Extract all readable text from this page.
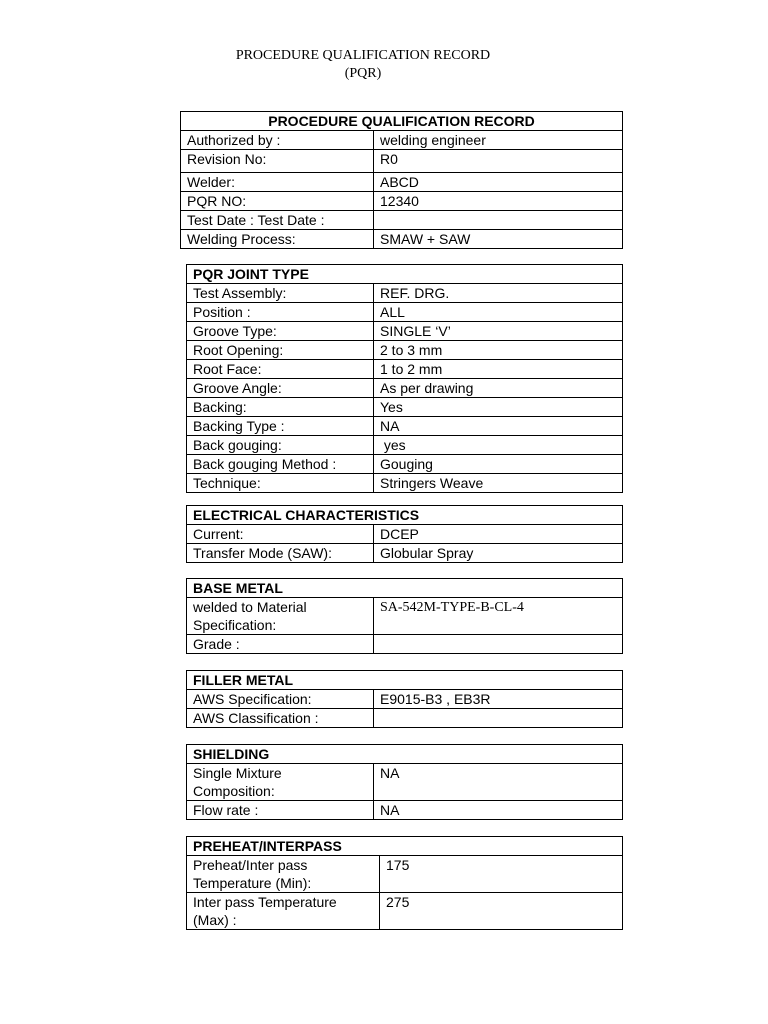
PROCEDURE QUALIFICATION RECORD
(PQR)
PROCEDURE QUALIFICATION RECORD	
Authorized by :	welding engineer
Revision No:	R0
Welder:	ABCD
PQR NO:	12340
Test Date : Test Date :	
Welding Process:	SMAW + SAW
PQR JOINT TYPE	
Test Assembly:	REF. DRG.
Position :	ALL
Groove Type:	SINGLE ‘V’
Root Opening:	2 to 3 mm
Root Face:	1 to 2 mm
Groove Angle:	As per drawing
Backing:	Yes
Backing Type :	NA
Back gouging:	yes
Back gouging Method :	Gouging
Technique:	Stringers Weave
ELECTRICAL CHARACTERISTICS	
Current:	DCEP
Transfer Mode (SAW):	Globular Spray
BASE METAL	
welded to Material Specification:	SA-542M-TYPE-B-CL-4
Grade :	
FILLER METAL	
AWS Specification:	E9015-B3 , EB3R
AWS Classification :	
SHIELDING	
Single Mixture Composition:	NA
Flow rate :	NA
PREHEAT/INTERPASS	
Preheat/Inter pass Temperature (Min):	175
Inter pass Temperature (Max) :	275
